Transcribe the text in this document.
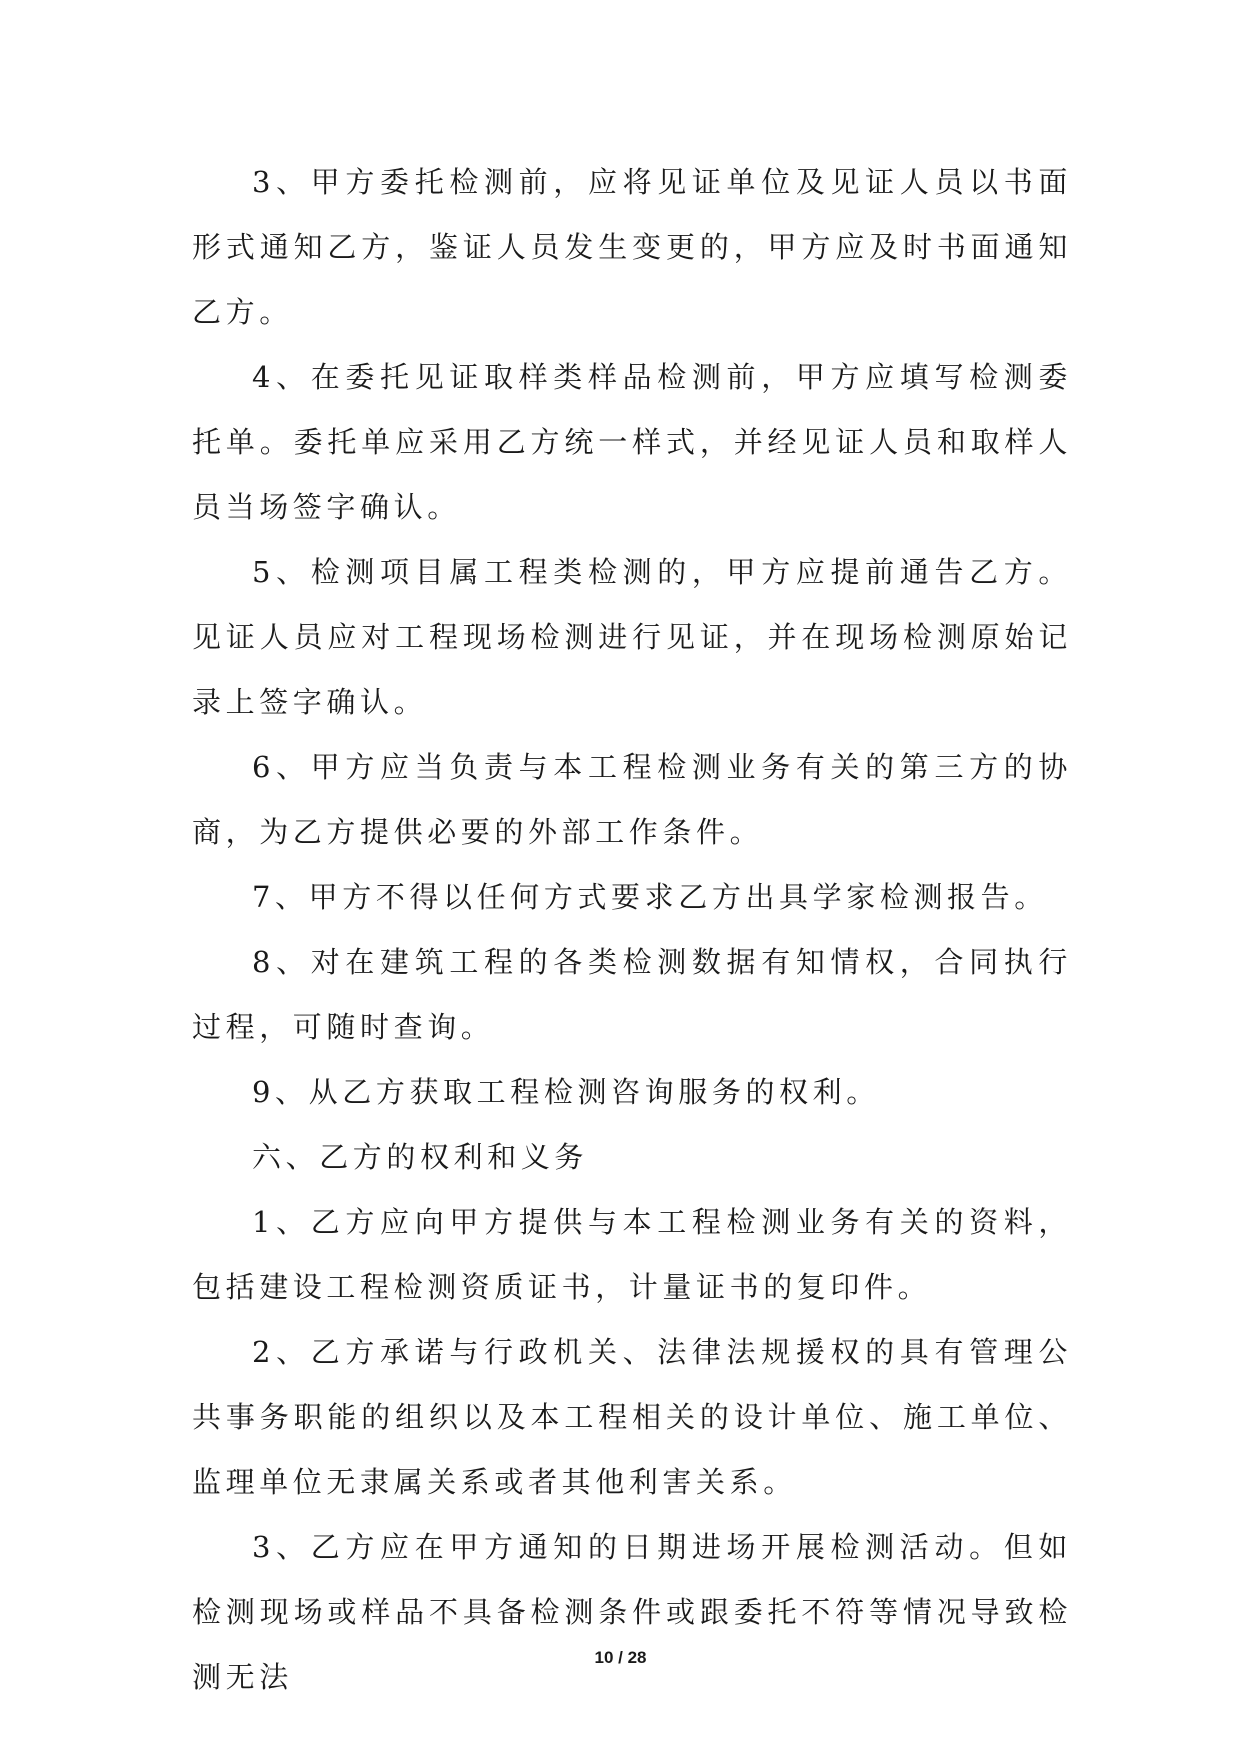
3、甲方委托检测前，应将见证单位及见证人员以书面形式通知乙方，鉴证人员发生变更的，甲方应及时书面通知乙方。

4、在委托见证取样类样品检测前，甲方应填写检测委托单。委托单应采用乙方统一样式，并经见证人员和取样人员当场签字确认。

5、检测项目属工程类检测的，甲方应提前通告乙方。见证人员应对工程现场检测进行见证，并在现场检测原始记录上签字确认。

6、甲方应当负责与本工程检测业务有关的第三方的协商，为乙方提供必要的外部工作条件。

7、甲方不得以任何方式要求乙方出具学家检测报告。

8、对在建筑工程的各类检测数据有知情权，合同执行过程，可随时查询。

9、从乙方获取工程检测咨询服务的权利。

六、乙方的权利和义务

1、乙方应向甲方提供与本工程检测业务有关的资料，包括建设工程检测资质证书，计量证书的复印件。

2、乙方承诺与行政机关、法律法规援权的具有管理公共事务职能的组织以及本工程相关的设计单位、施工单位、监理单位无隶属关系或者其他利害关系。

3、乙方应在甲方通知的日期进场开展检测活动。但如检测现场或样品不具备检测条件或跟委托不符等情况导致检测无法

10 / 28
